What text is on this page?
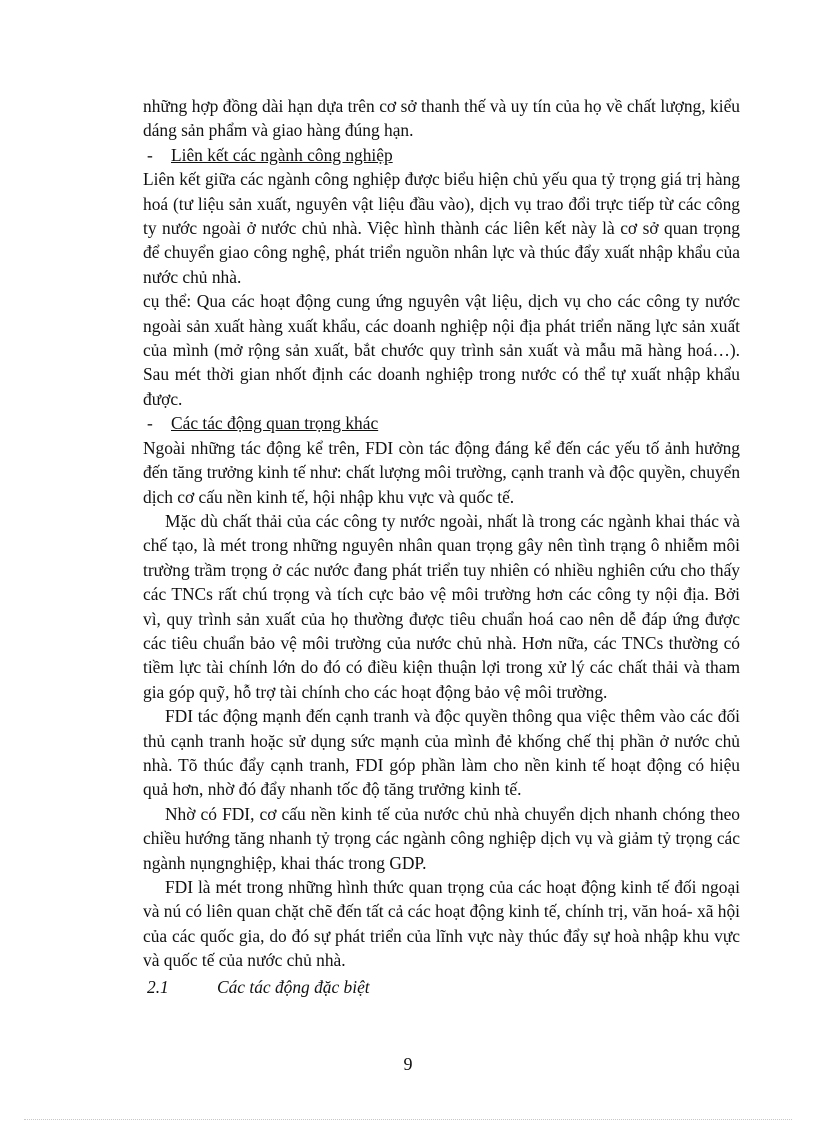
những hợp đồng dài hạn dựa trên cơ sở thanh thế và uy tín của họ về chất lượng, kiểu dáng sản phẩm và giao hàng đúng hạn.

-	Liên kết các ngành công nghiệp

Liên kết giữa các ngành công nghiệp được biểu hiện chủ yếu qua tỷ trọng giá trị hàng hoá (tư liệu sản xuất, nguyên vật liệu đầu vào), dịch vụ trao đổi trực tiếp từ các công ty nước ngoài ở nước chủ nhà. Việc hình thành các liên kết này là cơ sở quan trọng để chuyển giao công nghệ, phát triển nguồn nhân lực và thúc đẩy xuất nhập khẩu của nước chủ nhà.

cụ thể: Qua các hoạt động cung ứng nguyên vật liệu, dịch vụ cho các công ty nước ngoài sản xuất hàng xuất khẩu, các doanh nghiệp nội địa phát triển năng lực sản xuất của mình (mở rộng sản xuất, bắt chước quy trình sản xuất và mẫu mã hàng hoá…). Sau mét thời gian nhốt định các doanh nghiệp trong nước có thể tự xuất nhập khẩu được.

-	Các tác động quan trọng khác

Ngoài những tác động kể trên, FDI còn tác động đáng kể đến các yếu tố ảnh hưởng đến tăng trưởng kinh tế như: chất lượng môi trường, cạnh tranh và độc quyền, chuyển dịch cơ cấu nền kinh tế, hội nhập khu vực và quốc tế.

Mặc dù chất thải của các công ty nước ngoài, nhất là trong các ngành khai thác và chế tạo, là mét trong những nguyên nhân quan trọng gây nên tình trạng ô nhiễm môi trường trầm trọng ở các nước đang phát triển tuy nhiên có nhiều nghiên cứu cho thấy các TNCs rất chú trọng và tích cực bảo vệ môi trường hơn các công ty nội địa. Bởi vì, quy trình sản xuất của họ thường được tiêu chuẩn hoá cao nên dễ đáp ứng được các tiêu chuẩn bảo vệ môi trường của nước chủ nhà. Hơn nữa, các TNCs thường có tiềm lực tài chính lớn do đó có điều kiện thuận lợi trong xử lý các chất thải và tham gia góp quỹ, hỗ trợ tài chính cho các hoạt động bảo vệ môi trường.

FDI tác động mạnh đến cạnh tranh và độc quyền thông qua việc thêm vào các đối thủ cạnh tranh hoặc sử dụng sức mạnh của mình đẻ khống chế thị phần ở nước chủ nhà. Tõ thúc đẩy cạnh tranh, FDI góp phần làm cho nền kinh tế hoạt động có hiệu quả hơn, nhờ đó đẩy nhanh tốc độ tăng trưởng kinh tế.

Nhờ có FDI, cơ cấu nền kinh tế của nước chủ nhà chuyển dịch nhanh chóng theo chiều hướng tăng nhanh tỷ trọng các ngành công nghiệp dịch vụ và giảm tỷ trọng các ngành nụngnghiệp, khai thác trong GDP.

FDI là mét trong những hình thức quan trọng của các hoạt động kinh tế đối ngoại và nú có liên quan chặt chẽ đến tất cả các hoạt động kinh tế, chính trị, văn hoá- xã hội của các quốc gia, do đó sự phát triển của lĩnh vực này thúc đẩy sự hoà nhập khu vực và quốc tế của nước chủ nhà.

2.1	Các tác động đặc biệt
9
